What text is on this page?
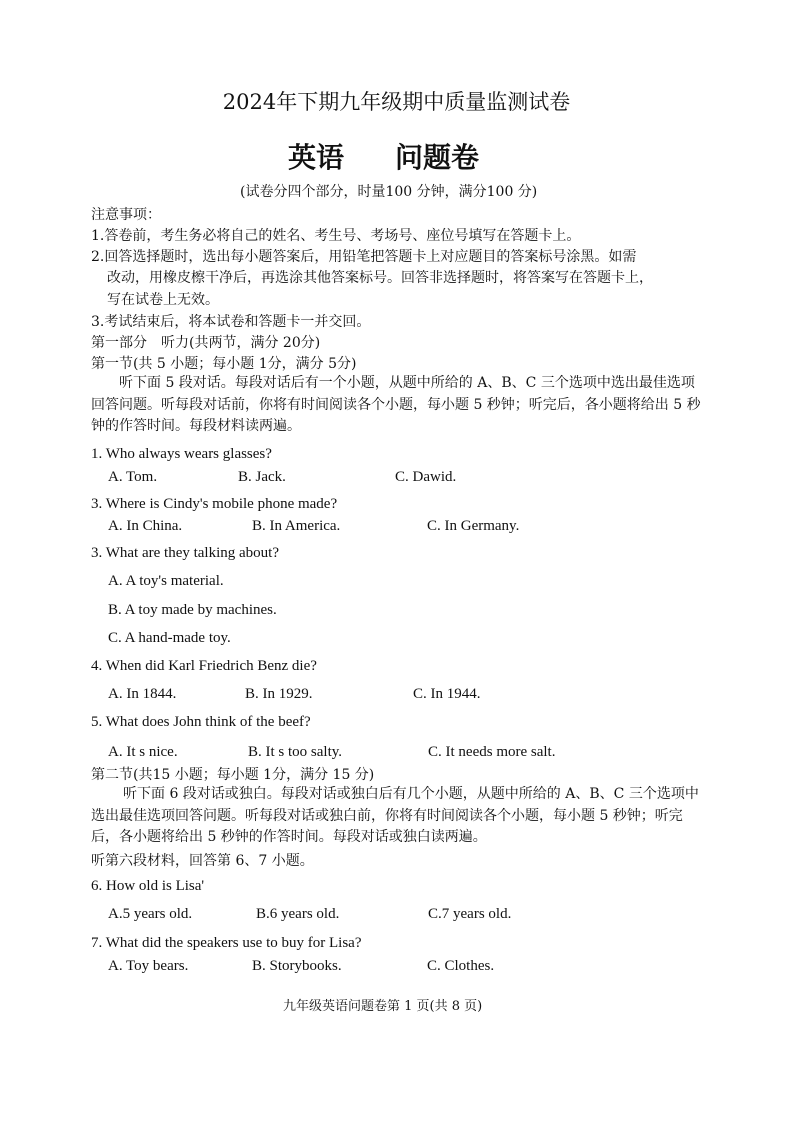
2024年下期九年级期中质量监测试卷
英语 问题卷
(试卷分四个部分，时量100 分钟，满分100 分)
注意事项：
1.答卷前，考生务必将自己的姓名、考生号、考场号、座位号填写在答题卡上。
2.回答选择题时，选出每小题答案后，用铅笔把答题卡上对应题目的答案标号涂黑。如需
改动，用橡皮檫干净后，再选涂其他答案标号。回答非选择题时，将答案写在答题卡上，
写在试卷上无效。
3.考试结束后，将本试卷和答题卡一并交回。
第一部分　听力(共两节，满分 20分)
第一节(共 5 小题；每小题 1分，满分 5分)
听下面 5 段对话。每段对话后有一个小题，从题中所给的 A、B、C 三个选项中选出最佳选项回答问题。听每段对话前，你将有时间阅读各个小题，每小题 5 秒钟；听完后，各小题将给出 5 秒钟的作答时间。每段材料读两遍。
1. Who always wears glasses?
A. Tom.	B. Jack.	C. Dawid.
3. Where is Cindy's mobile phone made?
A. In China.	B. In America.	C. In Germany.
3. What are they talking about?
A. A toy's material.
B. A toy made by machines.
C. A hand-made toy.
4. When did Karl Friedrich Benz die?
A. In 1844.	B. In 1929.	C. In 1944.
5. What does John think of the beef?
A. It s nice.	B. It s too salty.	C. It needs more salt.
第二节(共15 小题；每小题 1分，满分 15 分)
听下面 6 段对话或独白。每段对话或独白后有几个小题，从题中所给的 A、B、C 三个选项中选出最佳选项回答问题。听每段对话或独白前，你将有时间阅读各个小题，每小题 5 秒钟；听完后，各小题将给出 5 秒钟的作答时间。每段对话或独白读两遍。
听第六段材料，回答第 6、7 小题。
6. How old is Lisa'
A.5 years old.	B.6 years old.	C.7 years old.
7. What did the speakers use to buy for Lisa?
A. Toy bears.	B. Storybooks.	C. Clothes.
九年级英语问题卷第 1 页(共 8 页)
